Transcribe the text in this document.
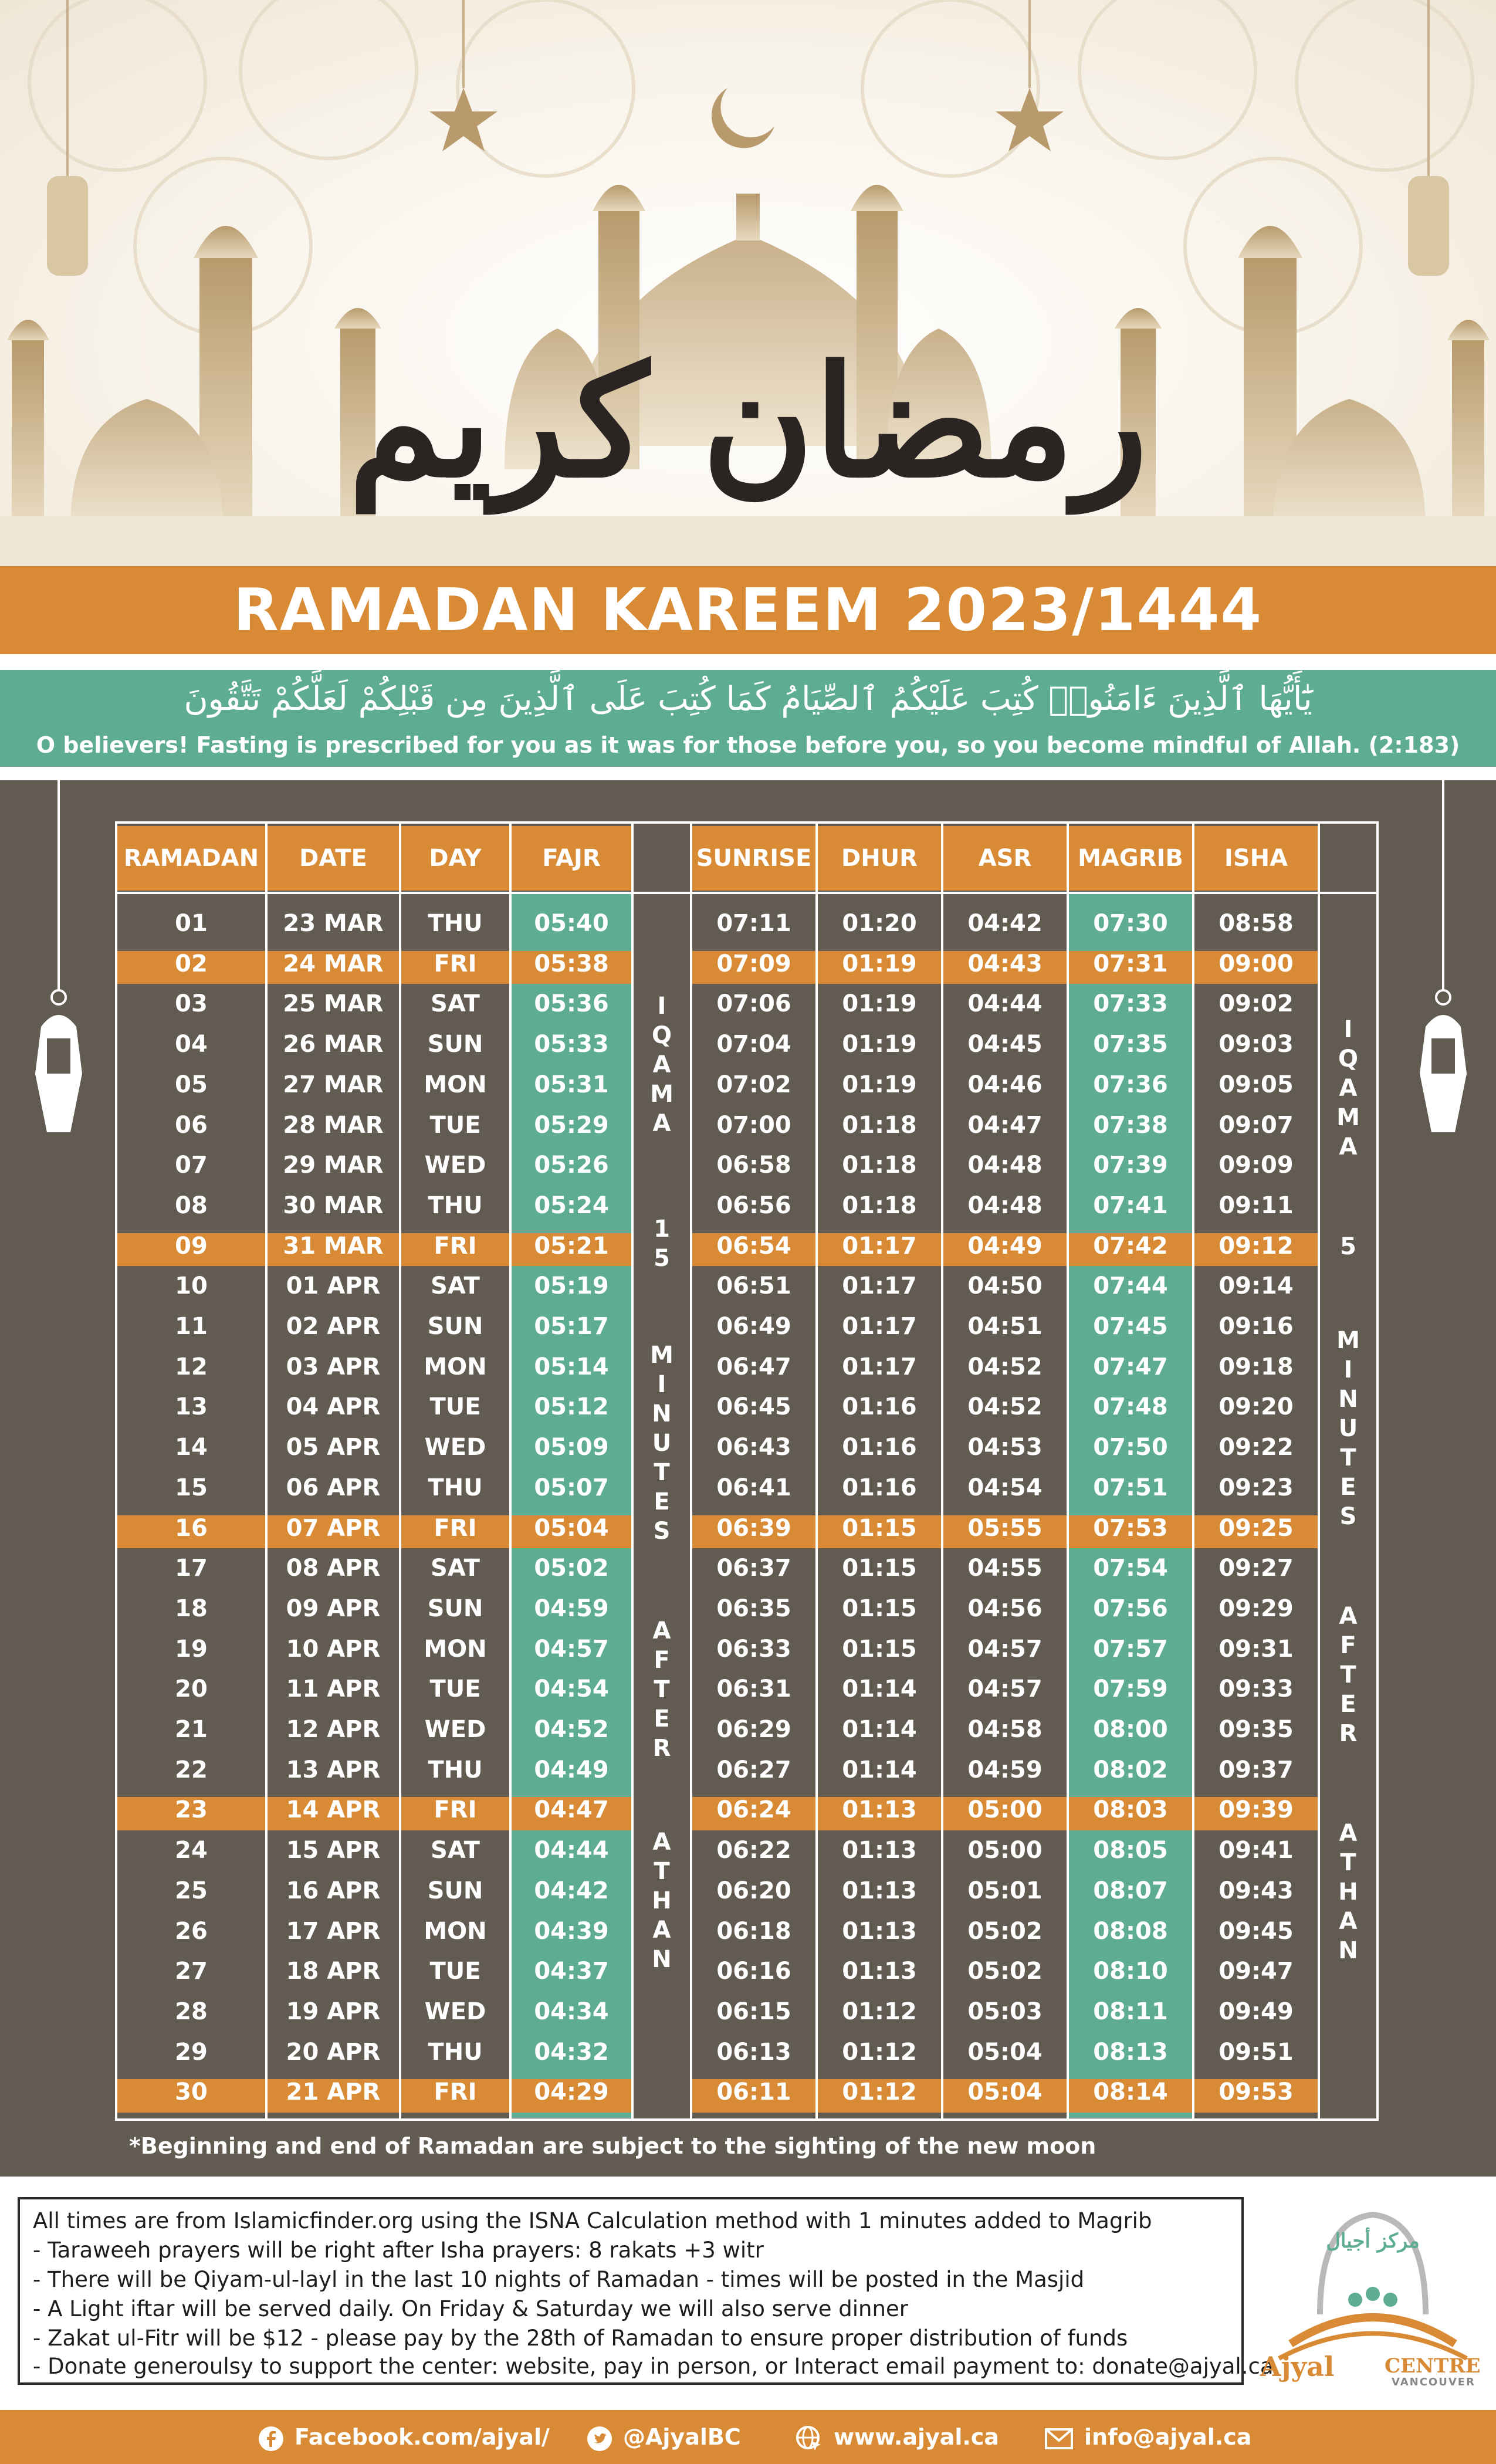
رمضان كريم
RAMADAN KAREEM 2023/1444
يَٰٓأَيُّهَا ٱلَّذِينَ ءَامَنُوا۟ كُتِبَ عَلَيْكُمُ ٱلصِّيَامُ كَمَا كُتِبَ عَلَى ٱلَّذِينَ مِن قَبْلِكُمْ لَعَلَّكُمْ تَتَّقُونَ
O believers! Fasting is prescribed for you as it was for those before you, so you become mindful of Allah. (2:183)
RAMADAN	DATE	DAY	FAJR	SUNRISE	DHUR	ASR	MAGRIB	ISHA
I
Q
A
M
A
1
5
M
I
N
U
T
E
S
A
F
T
E
R
A
T
H
A
N
I
Q
A
M
A
5
M
I
N
U
T
E
S
A
F
T
E
R
A
T
H
A
N
01	23 MAR	THU	05:40	07:11	01:20	04:42	07:30	08:58
02	24 MAR	FRI	05:38	07:09	01:19	04:43	07:31	09:00
03	25 MAR	SAT	05:36	07:06	01:19	04:44	07:33	09:02
04	26 MAR	SUN	05:33	07:04	01:19	04:45	07:35	09:03
05	27 MAR	MON	05:31	07:02	01:19	04:46	07:36	09:05
06	28 MAR	TUE	05:29	07:00	01:18	04:47	07:38	09:07
07	29 MAR	WED	05:26	06:58	01:18	04:48	07:39	09:09
08	30 MAR	THU	05:24	06:56	01:18	04:48	07:41	09:11
09	31 MAR	FRI	05:21	06:54	01:17	04:49	07:42	09:12
10	01 APR	SAT	05:19	06:51	01:17	04:50	07:44	09:14
11	02 APR	SUN	05:17	06:49	01:17	04:51	07:45	09:16
12	03 APR	MON	05:14	06:47	01:17	04:52	07:47	09:18
13	04 APR	TUE	05:12	06:45	01:16	04:52	07:48	09:20
14	05 APR	WED	05:09	06:43	01:16	04:53	07:50	09:22
15	06 APR	THU	05:07	06:41	01:16	04:54	07:51	09:23
16	07 APR	FRI	05:04	06:39	01:15	05:55	07:53	09:25
17	08 APR	SAT	05:02	06:37	01:15	04:55	07:54	09:27
18	09 APR	SUN	04:59	06:35	01:15	04:56	07:56	09:29
19	10 APR	MON	04:57	06:33	01:15	04:57	07:57	09:31
20	11 APR	TUE	04:54	06:31	01:14	04:57	07:59	09:33
21	12 APR	WED	04:52	06:29	01:14	04:58	08:00	09:35
22	13 APR	THU	04:49	06:27	01:14	04:59	08:02	09:37
23	14 APR	FRI	04:47	06:24	01:13	05:00	08:03	09:39
24	15 APR	SAT	04:44	06:22	01:13	05:00	08:05	09:41
25	16 APR	SUN	04:42	06:20	01:13	05:01	08:07	09:43
26	17 APR	MON	04:39	06:18	01:13	05:02	08:08	09:45
27	18 APR	TUE	04:37	06:16	01:13	05:02	08:10	09:47
28	19 APR	WED	04:34	06:15	01:12	05:03	08:11	09:49
29	20 APR	THU	04:32	06:13	01:12	05:04	08:13	09:51
30	21 APR	FRI	04:29	06:11	01:12	05:04	08:14	09:53
*Beginning and end of Ramadan are subject to the sighting of the new moon
All times are from Islamicfinder.org using the ISNA Calculation method with 1 minutes added to Magrib
- Taraweeh prayers will be right after Isha prayers: 8 rakats +3 witr
- There will be Qiyam-ul-layl in the last 10 nights of Ramadan - times will be posted in the Masjid
- A Light iftar will be served daily. On Friday & Saturday we will also serve dinner
- Zakat ul-Fitr will be $12 - please pay by the 28th of Ramadan to ensure proper distribution of funds
- Donate generoulsy to support the center: website, pay in person, or Interact email payment to: donate@ajyal.ca
مركز أجيال
Ajyal	CENTRE
VANCOUVER
Facebook.com/ajyal/	@AjyalBC	www.ajyal.ca	info@ajyal.ca
